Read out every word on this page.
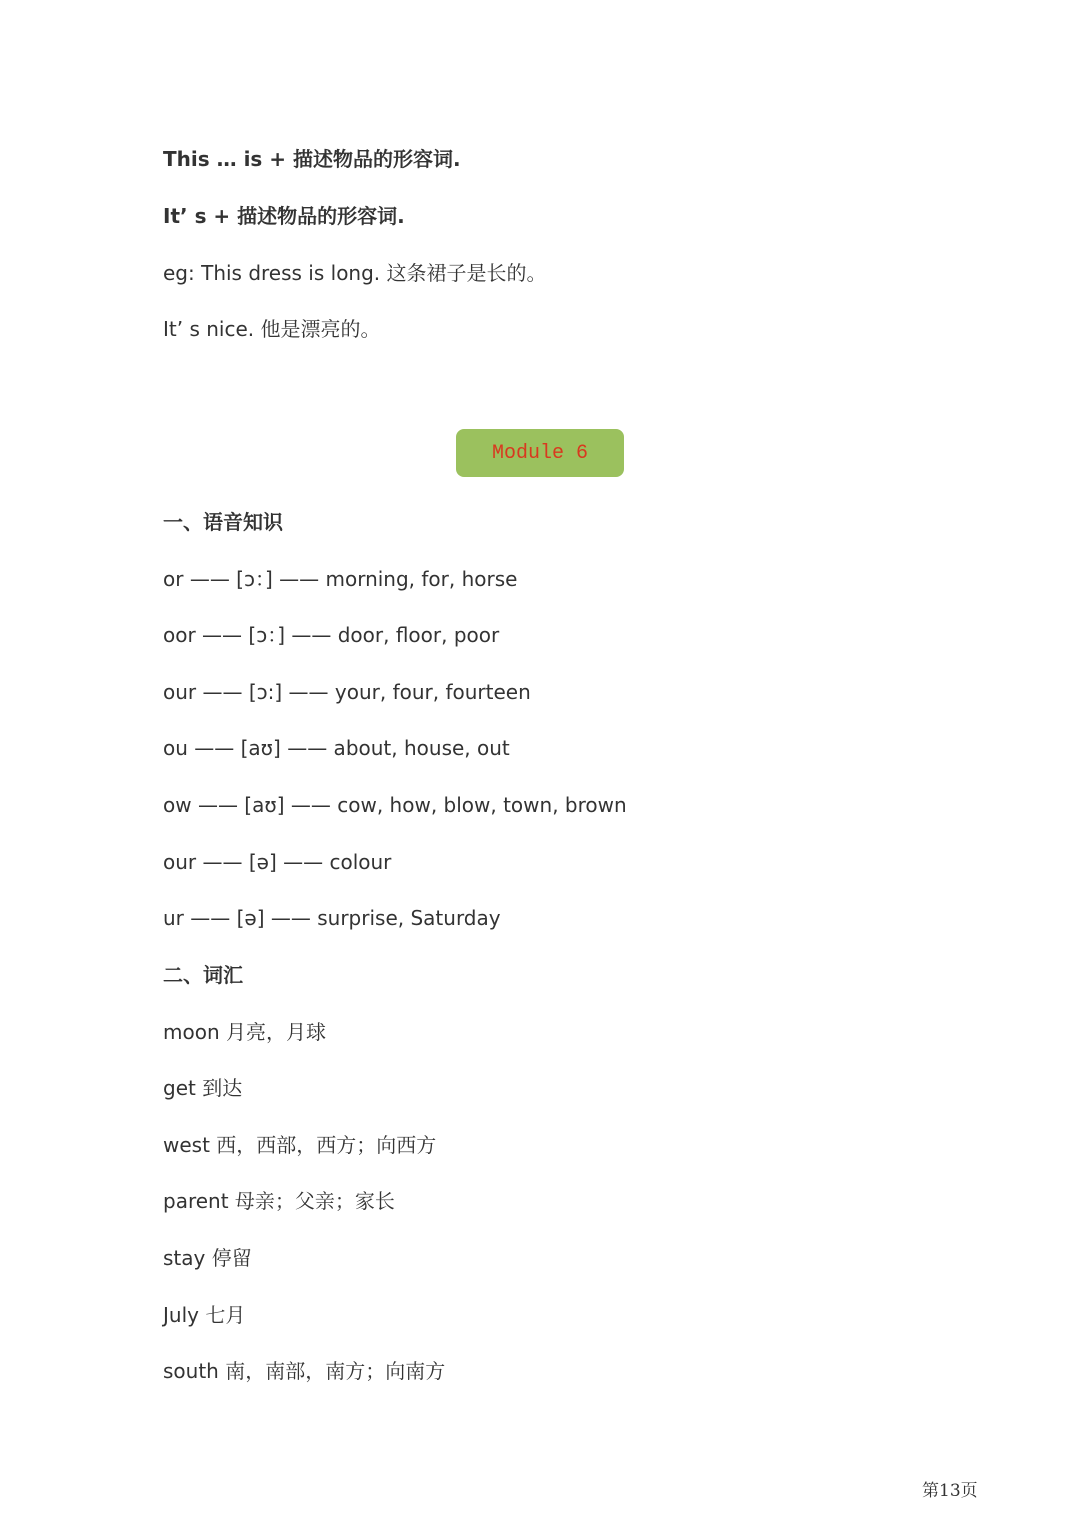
This … is + 描述物品的形容词.
It’ s + 描述物品的形容词.
eg: This dress is long. 这条裙子是长的。
It’ s nice. 他是漂亮的。
Module 6
一、语音知识
or —— [ɔ：] —— morning, for, horse
oor —— [ɔ：] —— door, floor, poor
our —— [ɔ:] —— your, four, fourteen
ou —— [aʊ] —— about, house, out
ow —— [aʊ] —— cow, how, blow, town, brown
our —— [ə] —— colour
ur —— [ə] —— surprise, Saturday
二、词汇
moon 月亮，月球
get 到达
west 西，西部，西方；向西方
parent 母亲；父亲；家长
stay 停留
July 七月
south 南，南部，南方；向南方
第13页
